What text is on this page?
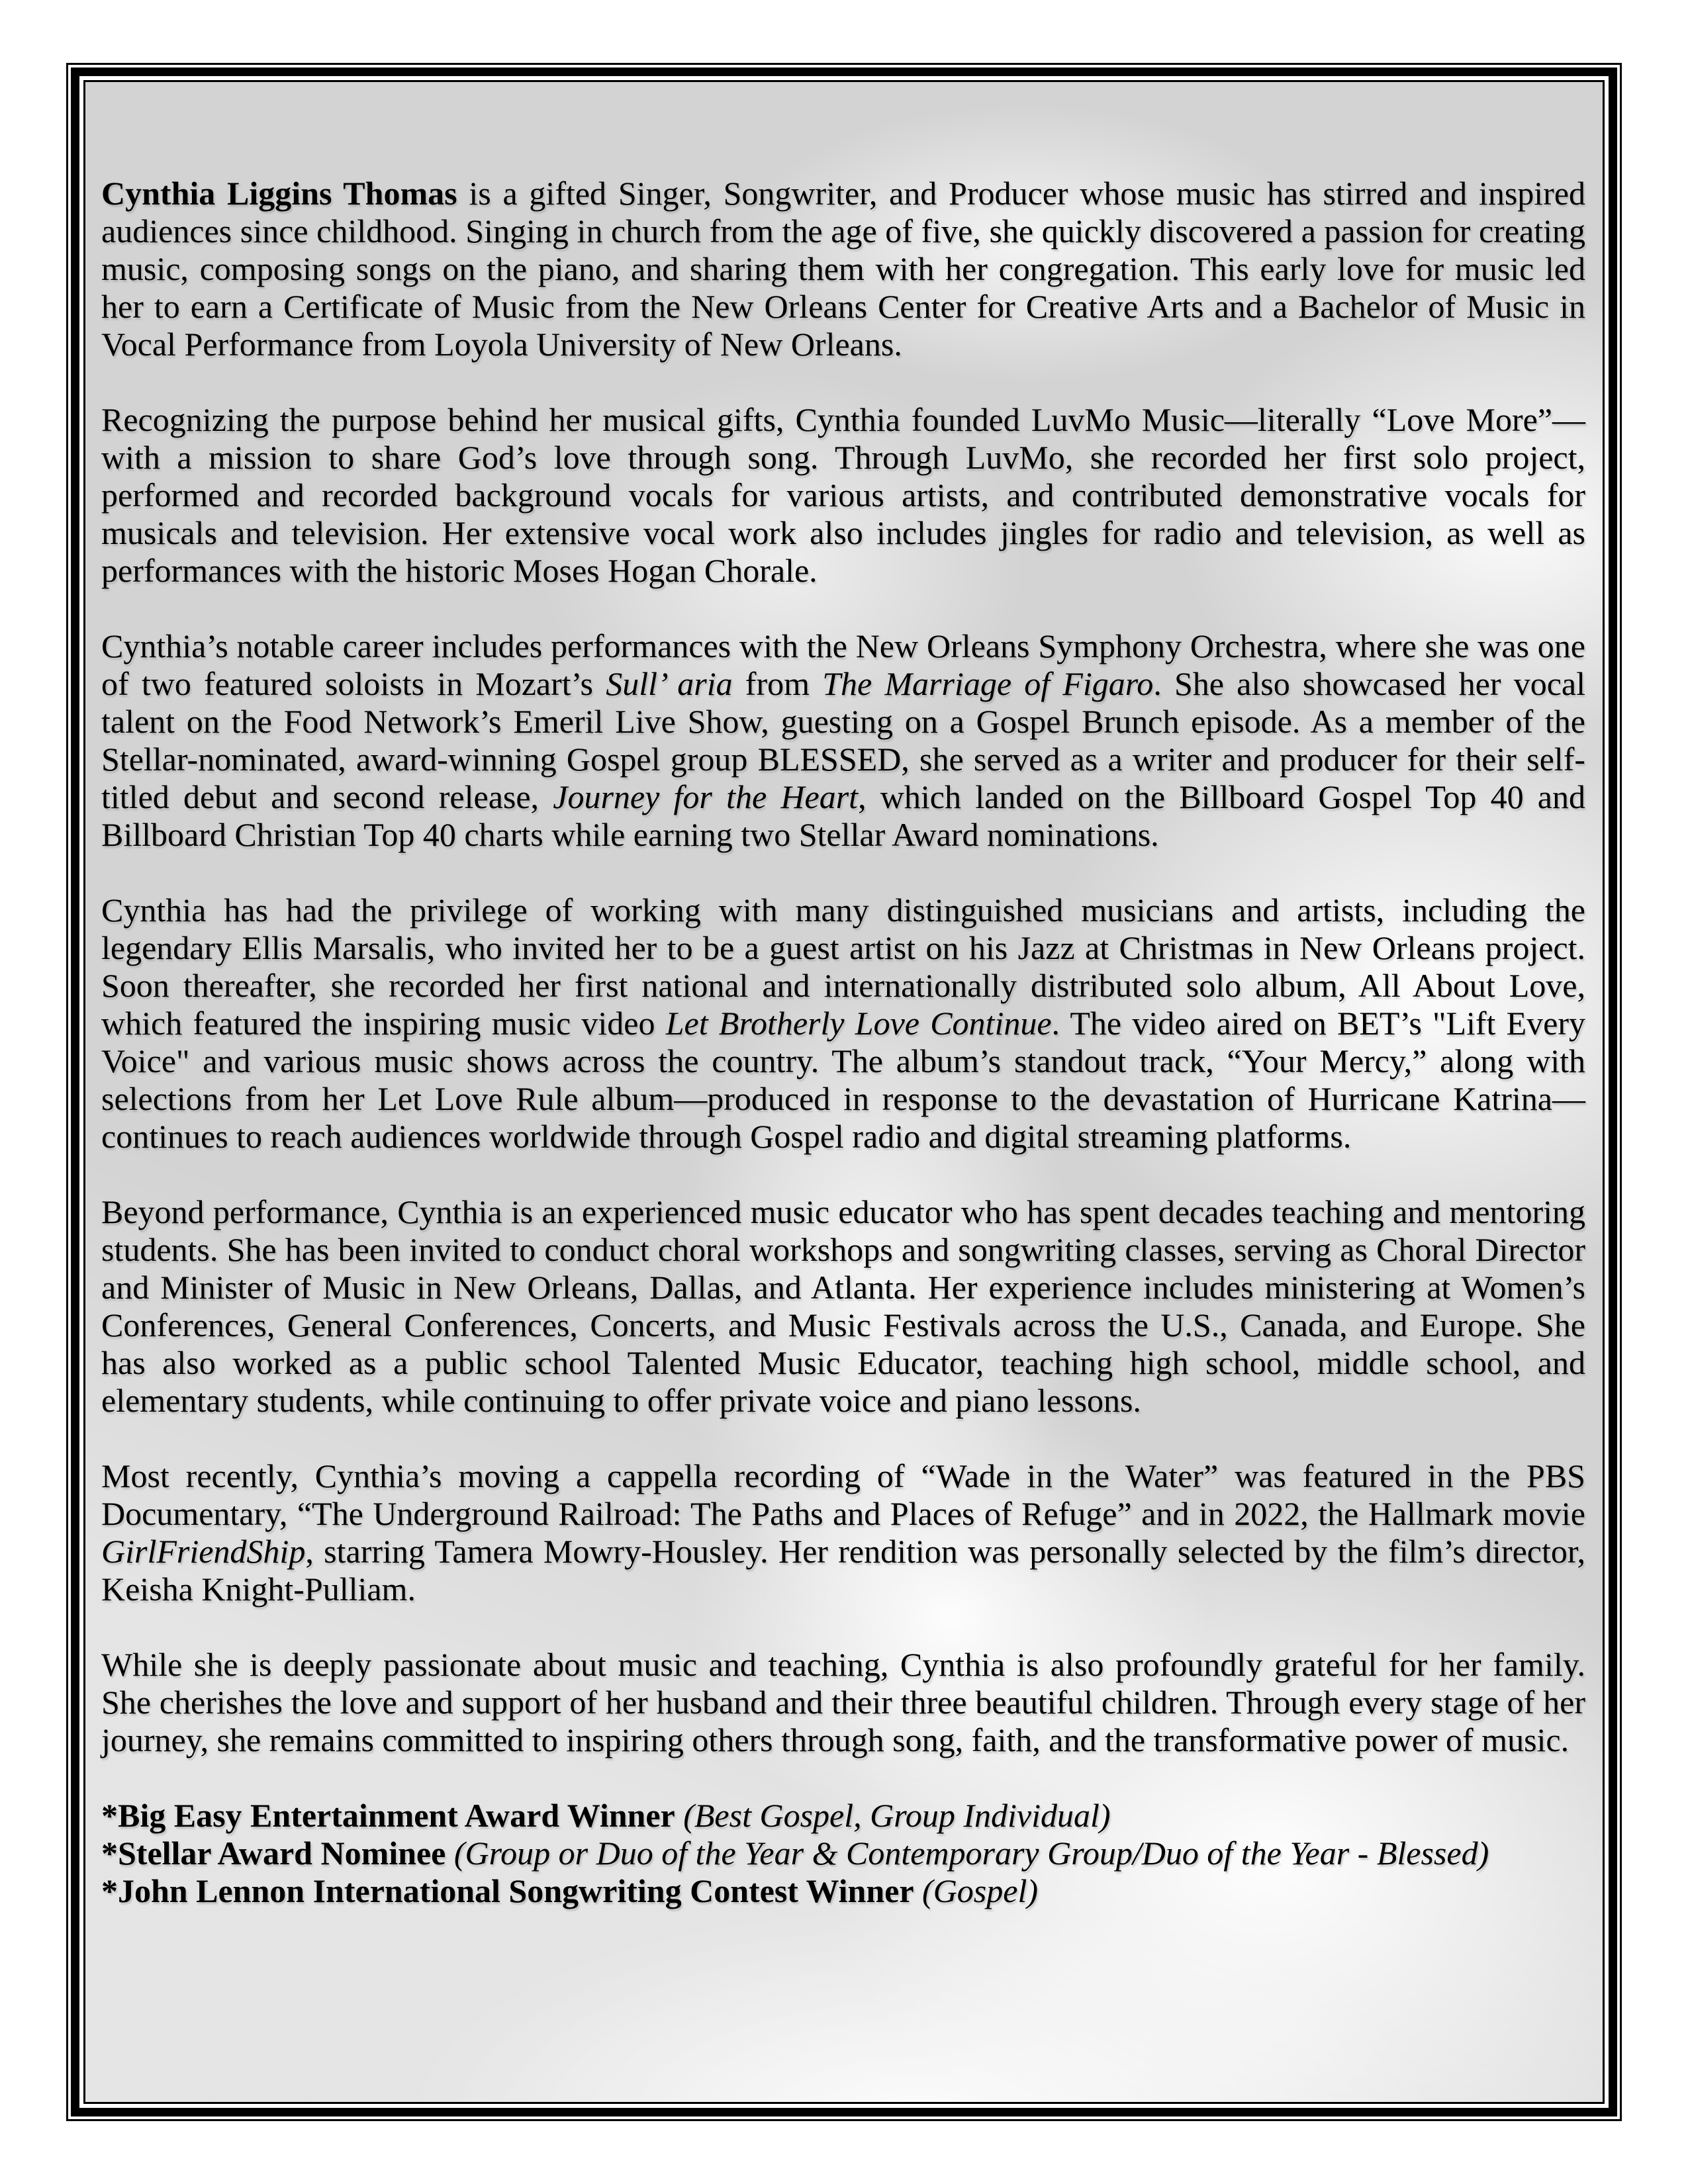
Cynthia Liggins Thomas is a gifted Singer, Songwriter, and Producer whose music has stirred and inspired audiences since childhood. Singing in church from the age of five, she quickly discovered a passion for creating music, composing songs on the piano, and sharing them with her congregation. This early love for music led her to earn a Certificate of Music from the New Orleans Center for Creative Arts and a Bachelor of Music in Vocal Performance from Loyola University of New Orleans.

Recognizing the purpose behind her musical gifts, Cynthia founded LuvMo Music—literally “Love More”—with a mission to share God’s love through song. Through LuvMo, she recorded her first solo project, performed and recorded background vocals for various artists, and contributed demonstrative vocals for musicals and television. Her extensive vocal work also includes jingles for radio and television, as well as performances with the historic Moses Hogan Chorale.

Cynthia’s notable career includes performances with the New Orleans Symphony Orchestra, where she was one of two featured soloists in Mozart’s Sull’ aria from The Marriage of Figaro. She also showcased her vocal talent on the Food Network’s Emeril Live Show, guesting on a Gospel Brunch episode. As a member of the Stellar-nominated, award-winning Gospel group BLESSED, she served as a writer and producer for their self-titled debut and second release, Journey for the Heart, which landed on the Billboard Gospel Top 40 and Billboard Christian Top 40 charts while earning two Stellar Award nominations.

Cynthia has had the privilege of working with many distinguished musicians and artists, including the legendary Ellis Marsalis, who invited her to be a guest artist on his Jazz at Christmas in New Orleans project. Soon thereafter, she recorded her first national and internationally distributed solo album, All About Love, which featured the inspiring music video Let Brotherly Love Continue. The video aired on BET’s "Lift Every Voice" and various music shows across the country. The album’s standout track, “Your Mercy,” along with selections from her Let Love Rule album—produced in response to the devastation of Hurricane Katrina—continues to reach audiences worldwide through Gospel radio and digital streaming platforms.

Beyond performance, Cynthia is an experienced music educator who has spent decades teaching and mentoring students. She has been invited to conduct choral workshops and songwriting classes, serving as Choral Director and Minister of Music in New Orleans, Dallas, and Atlanta. Her experience includes ministering at Women’s Conferences, General Conferences, Concerts, and Music Festivals across the U.S., Canada, and Europe. She has also worked as a public school Talented Music Educator, teaching high school, middle school, and elementary students, while continuing to offer private voice and piano lessons.

Most recently, Cynthia’s moving a cappella recording of “Wade in the Water” was featured in the PBS Documentary, “The Underground Railroad: The Paths and Places of Refuge” and in 2022, the Hallmark movie GirlFriendShip, starring Tamera Mowry-Housley. Her rendition was personally selected by the film’s director, Keisha Knight-Pulliam.

While she is deeply passionate about music and teaching, Cynthia is also profoundly grateful for her family. She cherishes the love and support of her husband and their three beautiful children. Through every stage of her journey, she remains committed to inspiring others through song, faith, and the transformative power of music.

*Big Easy Entertainment Award Winner (Best Gospel, Group Individual)

*Stellar Award Nominee (Group or Duo of the Year & Contemporary Group/Duo of the Year - Blessed)

*John Lennon International Songwriting Contest Winner (Gospel)
